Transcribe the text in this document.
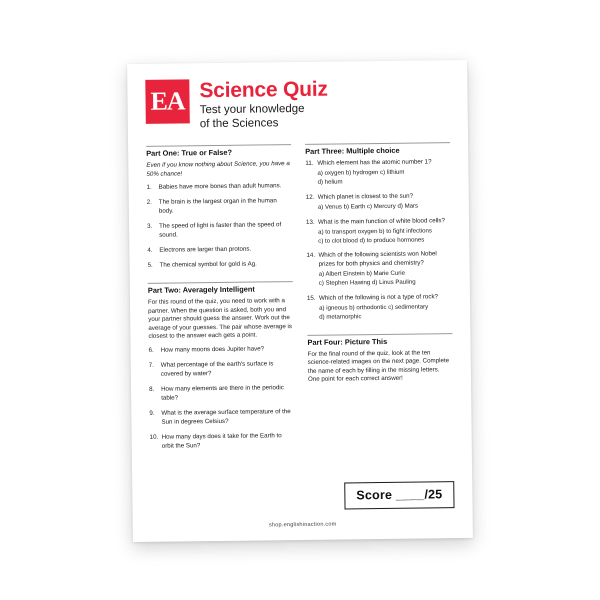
EA Science Quiz
Test your knowledge
of the Sciences
Part One: True or False?
Even if you know nothing about Science, you have a 50% chance!
1. Babies have more bones than adult humans.
2. The brain is the largest organ in the human body.
3. The speed of light is faster than the speed of sound.
4. Electrons are larger than protons.
5. The chemical symbol for gold is Ag.
Part Two: Averagely Intelligent
For this round of the quiz, you need to work with a partner. When the question is asked, both you and your partner should guess the answer. Work out the average of your guesses. The pair whose average is closest to the answer each gets a point.
6. How many moons does Jupiter have?
7. What percentage of the earth's surface is covered by water?
8. How many elements are there in the periodic table?
9. What is the average surface temperature of the Sun in degrees Celsius?
10. How many days does it take for the Earth to orbit the Sun?
Part Three: Multiple choice
11. Which element has the atomic number 1?
a) oxygen b) hydrogen c) lithium
d) helium
12. Which planet is closest to the sun?
a) Venus b) Earth c) Mercury d) Mars
13. What is the main function of white blood cells?
a) to transport oxygen b) to fight infections
c) to clot blood d) to produce hormones
14. Which of the following scientists won Nobel prizes for both physics and chemistry?
a) Albert Einstein b) Marie Curie
c) Stephen Hawing d) Linus Pauling
15. Which of the following is not a type of rock?
a) igneous b) orthodontic c) sedimentary
d) metamorphic
Part Four: Picture This
For the final round of the quiz, look at the ten science-related images on the next page. Complete the name of each by filling in the missing letters. One point for each correct answer!
Score ____/25
shop.englishinaction.com
